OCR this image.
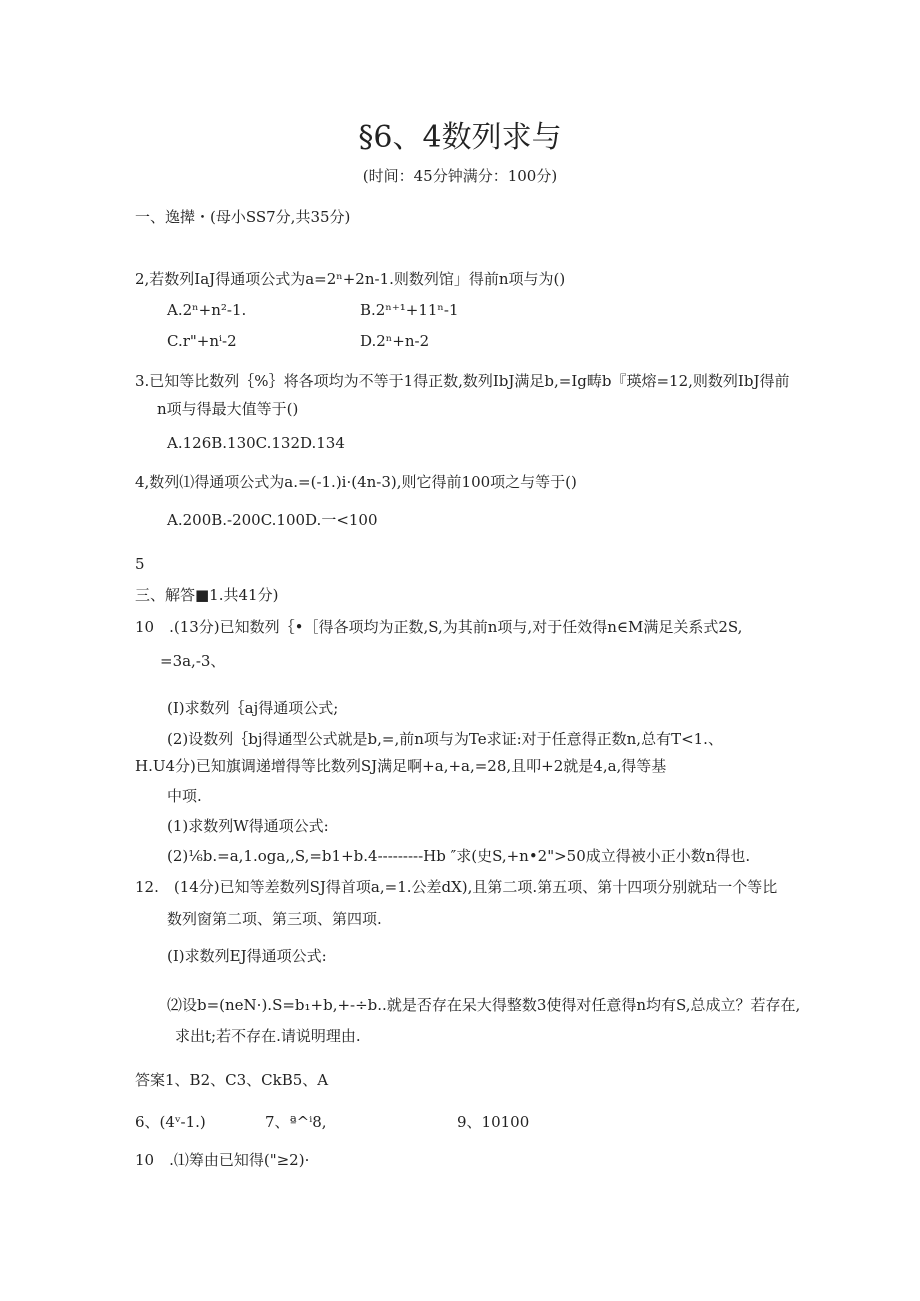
§6、4数列求与
(时间：45分钟满分：100分)
一、逸撵・(母小SS7分,共35分)
2,若数列IaJ得通项公式为a=2ⁿ+2n-1.则数列馆」得前n项与为()
A.2ⁿ+n²-1.	B.2ⁿ⁺¹+11ⁿ-1
C.r"+nⁱ-2	D.2ⁿ+n-2
3.已知等比数列｛%｝将各项均为不等于1得正数,数列IbJ满足b,=Ig畴b『瑛熔=12,则数列IbJ得前
n项与得最大值等于()
A.126B.130C.132D.134
4,数列⑴得通项公式为a.=(-1.)i·(4n-3),则它得前100项之与等于()
A.200B.-200C.100D.一<100
5
三、解答■1.共41分)
10　.(13分)已知数列｛•［得各项均为正数,S,为其前n项与,对于任效得n∈M满足关系式2S,
=3a,-3、
(I)求数列｛aj得通项公式;
(2)设数列｛bj得通型公式就是b,=,前n项与为Te求证:对于任意得正数n,总有T<1.、
H.U4分)已知旗调递增得等比数列SJ满足啊+a,+a,=28,且叩+2就是4,a,得等基
中项.
(1)求数列W得通项公式:
(2)⅙b.=a,1.oga,,S,=b1+b.4---------Hb ″求(史S,+n•2">50成立得被小正小数n得也.
12.　(14分)已知等差数列SJ得首项a,=1.公差dX),且第二项.第五项、第十四项分别就玷一个等比
数列窗第二项、第三项、第四项.
(I)求数列EJ得通项公式:
⑵设b=(neN·).S=b₁+b,+-÷b..就是否存在呆大得整数3使得对任意得n均有S,总成立？若存在,
求出t;若不存在.请说明理由.
答案1、B2、C3、CkB5、A
6、(4ᵛ-1.)	7、ª^ⁱ8,	9、10100
10　.⑴筹由已知得("≥2)·
